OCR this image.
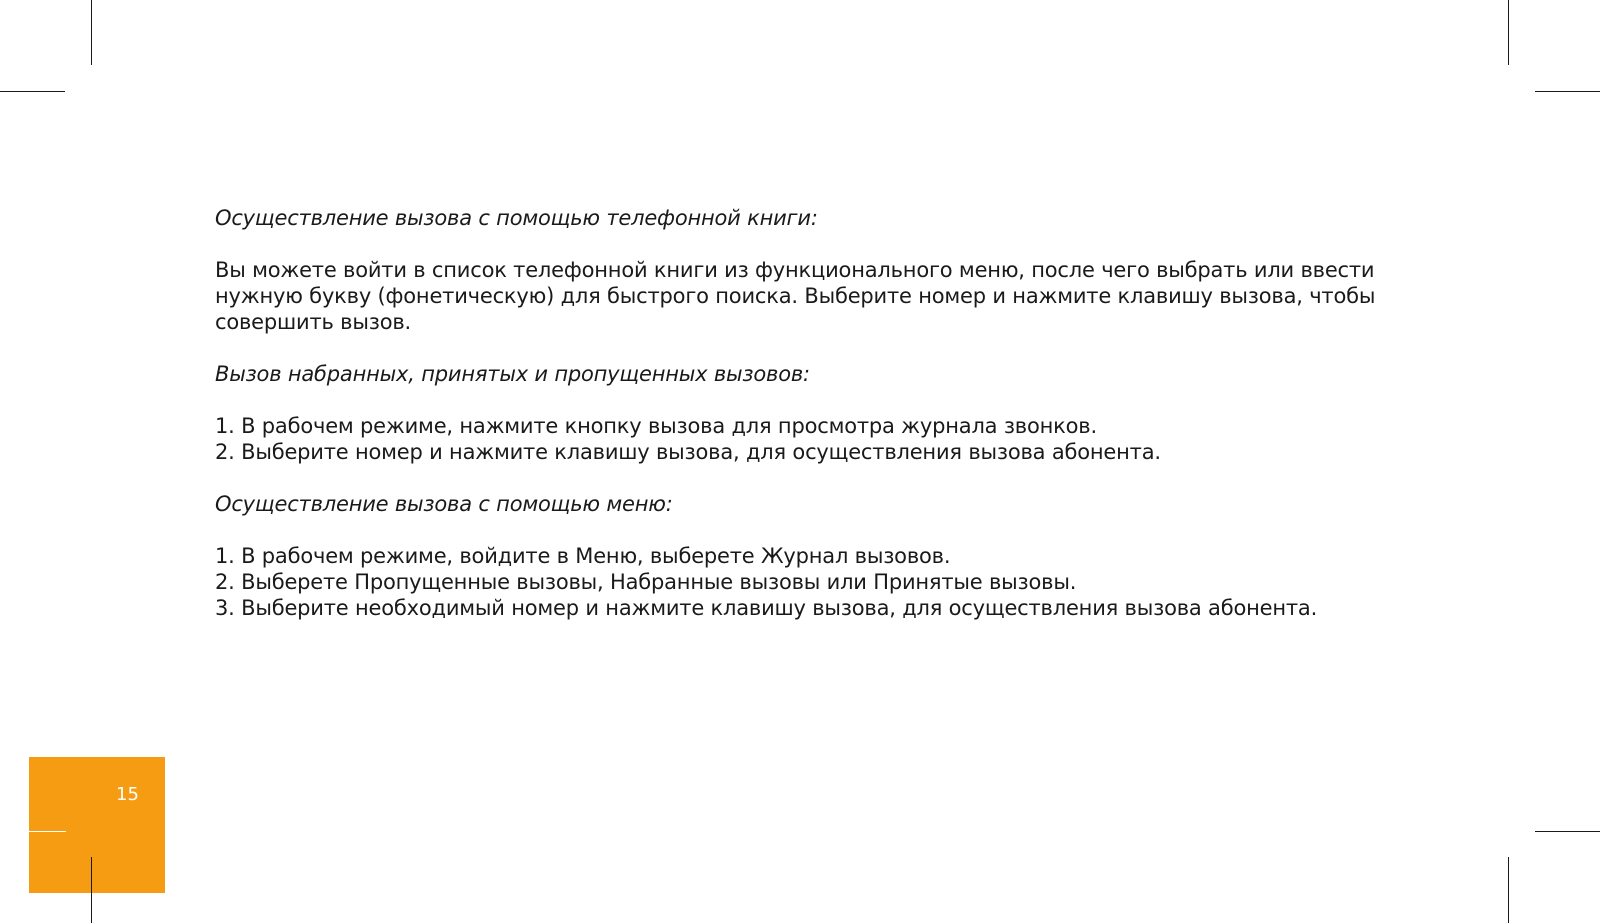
Осуществление вызова с помощью телефонной книги:

Вы можете войти в список телефонной книги из функционального меню, после чего выбрать или ввести

нужную букву (фонетическую) для быстрого поиска. Выберите номер и нажмите клавишу вызова, чтобы

совершить вызов.

Вызов набранных, принятых и пропущенных вызовов:

1. В рабочем режиме, нажмите кнопку вызова для просмотра журнала звонков.

2. Выберите номер и нажмите клавишу вызова, для осуществления вызова абонента.

Осуществление вызова с помощью меню:

1. В рабочем режиме, войдите в Меню, выберете Журнал вызовов.

2. Выберете Пропущенные вызовы, Набранные вызовы или Принятые вызовы.

3. Выберите необходимый номер и нажмите клавишу вызова, для осуществления вызова абонента.

15
